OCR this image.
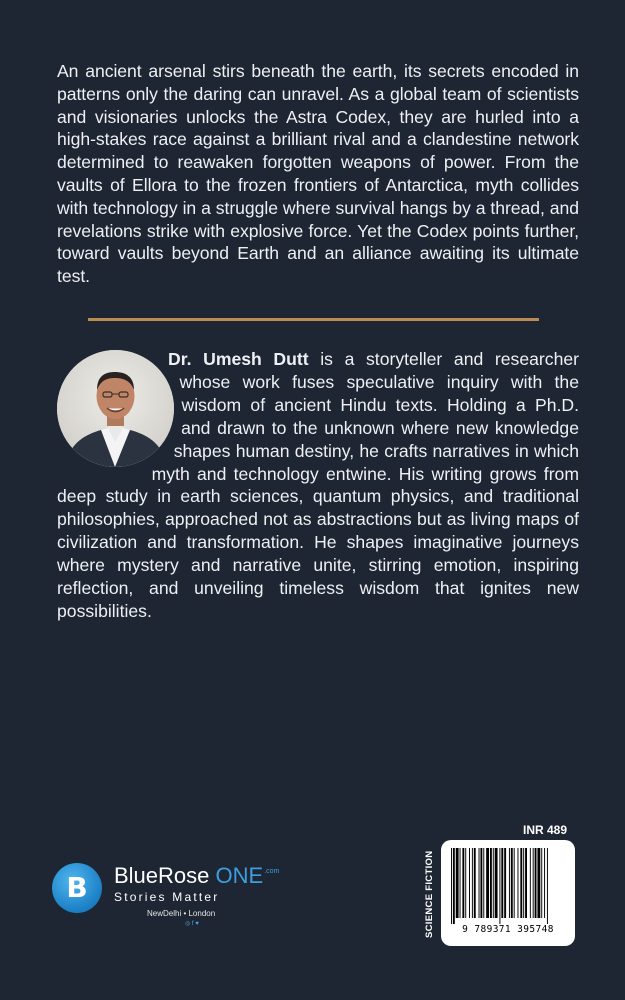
An ancient arsenal stirs beneath the earth, its secrets encoded in patterns only the daring can unravel. As a global team of scientists and visionaries unlocks the Astra Codex, they are hurled into a high-stakes race against a brilliant rival and a clandestine network determined to reawaken forgotten weapons of power. From the vaults of Ellora to the frozen frontiers of Antarctica, myth collides with technology in a struggle where survival hangs by a thread, and revelations strike with explosive force. Yet the Codex points further, toward vaults beyond Earth and an alliance awaiting its ultimate test.

Dr. Umesh Dutt is a storyteller and researcher whose work fuses speculative inquiry with the wisdom of ancient Hindu texts. Holding a Ph.D. and drawn to the unknown where new knowledge shapes human destiny, he crafts narratives in which myth and technology entwine. His writing grows from deep study in earth sciences, quantum physics, and traditional philosophies, approached not as abstractions but as living maps of civilization and transformation. He shapes imaginative journeys where mystery and narrative unite, stirring emotion, inspiring reflection, and unveiling timeless wisdom that ignites new possibilities.

B	BlueRose $ONE^{.com}$
Stories Matter
NewDelhi • London
◎ f ♥
INR 489
SCIENCE FICTION	9 789371 395748
www.BlueRoseOne.com
